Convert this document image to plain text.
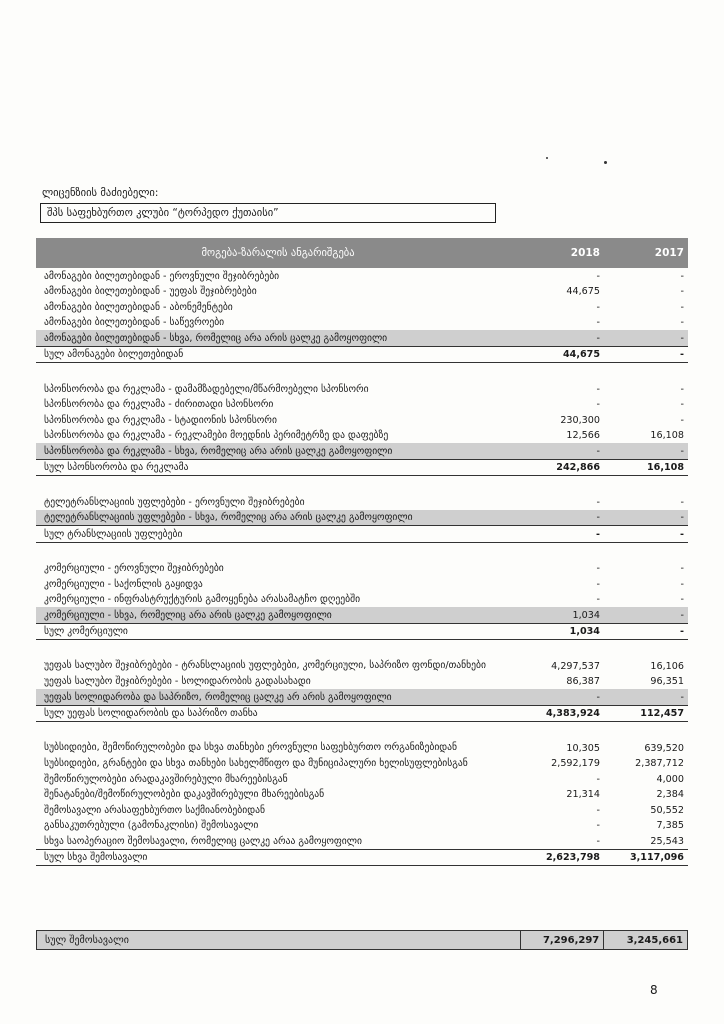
ლიცენზიის მაძიებელი:
შპს საფეხბურთო კლუბი “ტორპედო ქუთაისი”
მოგება-ზარალის ანგარიშგება	2018	2017
ამონაგები ბილეთებიდან - ეროვნული შეჯიბრებები	-	-
ამონაგები ბილეთებიდან - უეფას შეჯიბრებები	44,675	-
ამონაგები ბილეთებიდან - აბონემენტები	-	-
ამონაგები ბილეთებიდან - საწევროები	-	-
ამონაგები ბილეთებიდან - სხვა, რომელიც არა არის ცალკე გამოყოფილი	-	-
სულ ამონაგები ბილეთებიდან	44,675	-
სპონსორობა და რეკლამა - დამამზადებელი/მწარმოებელი სპონსორი	-	-
სპონსორობა და რეკლამა - ძირითადი სპონსორი	-	-
სპონსორობა და რეკლამა - სტადიონის სპონსორი	230,300	-
სპონსორობა და რეკლამა - რეკლამები მოედნის პერიმეტრზე და დაფებზე	12,566	16,108
სპონსორობა და რეკლამა - სხვა, რომელიც არა არის ცალკე გამოყოფილი	-	-
სულ სპონსორობა და რეკლამა	242,866	16,108
ტელეტრანსლაციის უფლებები - ეროვნული შეჯიბრებები	-	-
ტელეტრანსლაციის უფლებები - სხვა, რომელიც არა არის ცალკე გამოყოფილი	-	-
სულ ტრანსლაციის უფლებები	-	-
კომერციული - ეროვნული შეჯიბრებები	-	-
კომერციული - საქონლის გაყიდვა	-	-
კომერციული - ინფრასტრუქტურის გამოყენება არასამატჩო დღეებში	-	-
კომერციული - სხვა, რომელიც არა არის ცალკე გამოყოფილი	1,034	-
სულ კომერციული	1,034	-
უეფას სალუბო შეჯიბრებები - ტრანსლაციის უფლებები, კომერციული, საპრიზო ფონდი/თანხები	4,297,537	16,106
უეფას სალუბო შეჯიბრებები - სოლიდარობის გადასახადი	86,387	96,351
უეფას სოლიდარობა და საპრიზო, რომელიც ცალკე არ არის გამოყოფილი	-	-
სულ უეფას სოლიდარობის და საპრიზო თანხა	4,383,924	112,457
სუბსიდიები, შემოწირულობები და სხვა თანხები ეროვნული საფეხბურთო ორგანიზებიდან	10,305	639,520
სუბსიდიები, გრანტები და სხვა თანხები სახელმწიფო და მუნიციპალური ხელისუფლებისგან	2,592,179	2,387,712
შემოწირულობები არადაკავშირებული მხარეებისგან	-	4,000
შენატანები/შემოწირულობები დაკავშირებული მხარეებისგან	21,314	2,384
შემოსავალი არასაფეხბურთო საქმიანობებიდან	-	50,552
განსაკუთრებული (გამონაკლისი) შემოსავალი	-	7,385
სხვა საოპერაციო შემოსავალი, რომელიც ცალკე არაა გამოყოფილი	-	25,543
სულ სხვა შემოსავალი	2,623,798	3,117,096
სულ შემოსავალი	7,296,297	3,245,661
8
